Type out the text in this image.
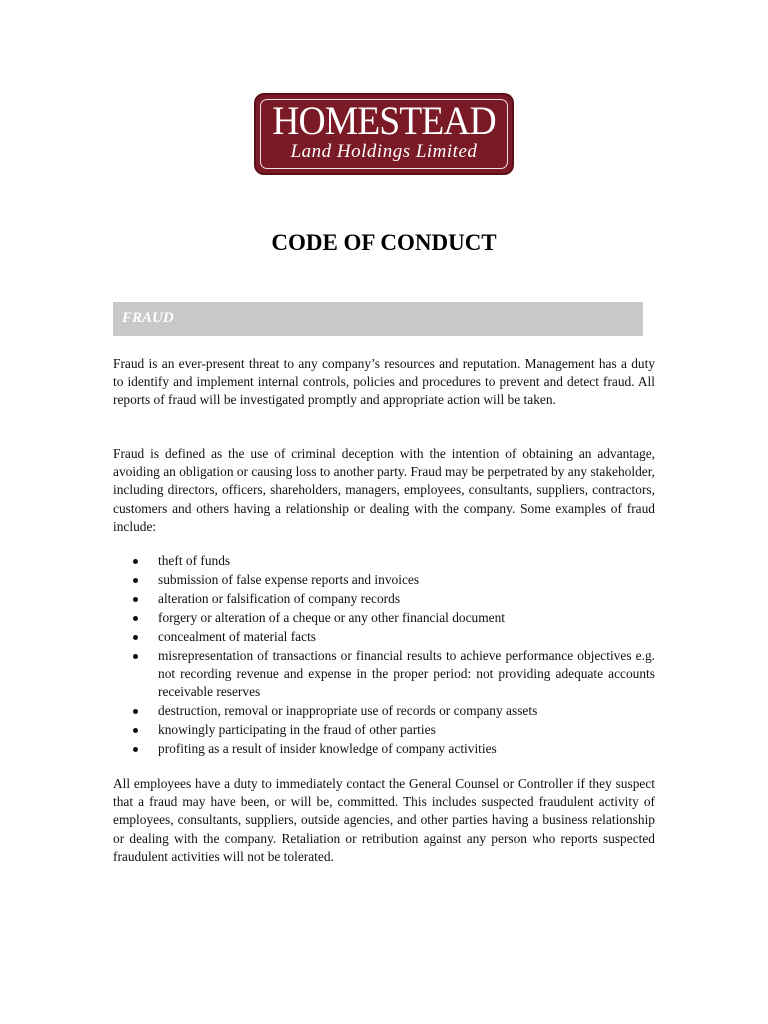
HOMESTEAD
Land Holdings Limited
CODE OF CONDUCT
FRAUD

Fraud is an ever-present threat to any company’s resources and reputation. Management has a duty to identify and implement internal controls, policies and procedures to prevent and detect fraud. All reports of fraud will be investigated promptly and appropriate action will be taken.

Fraud is defined as the use of criminal deception with the intention of obtaining an advantage, avoiding an obligation or causing loss to another party. Fraud may be perpetrated by any stakeholder, including directors, officers, shareholders, managers, employees, consultants, suppliers, contractors, customers and others having a relationship or dealing with the company. Some examples of fraud include:

theft of funds
submission of false expense reports and invoices
alteration or falsification of company records
forgery or alteration of a cheque or any other financial document
concealment of material facts
misrepresentation of transactions or financial results to achieve performance objectives e.g. not recording revenue and expense in the proper period: not providing adequate accounts receivable reserves
destruction, removal or inappropriate use of records or company assets
knowingly participating in the fraud of other parties
profiting as a result of insider knowledge of company activities

All employees have a duty to immediately contact the General Counsel or Controller if they suspect that a fraud may have been, or will be, committed. This includes suspected fraudulent activity of employees, consultants, suppliers, outside agencies, and other parties having a business relationship or dealing with the company. Retaliation or retribution against any person who reports suspected fraudulent activities will not be tolerated.
